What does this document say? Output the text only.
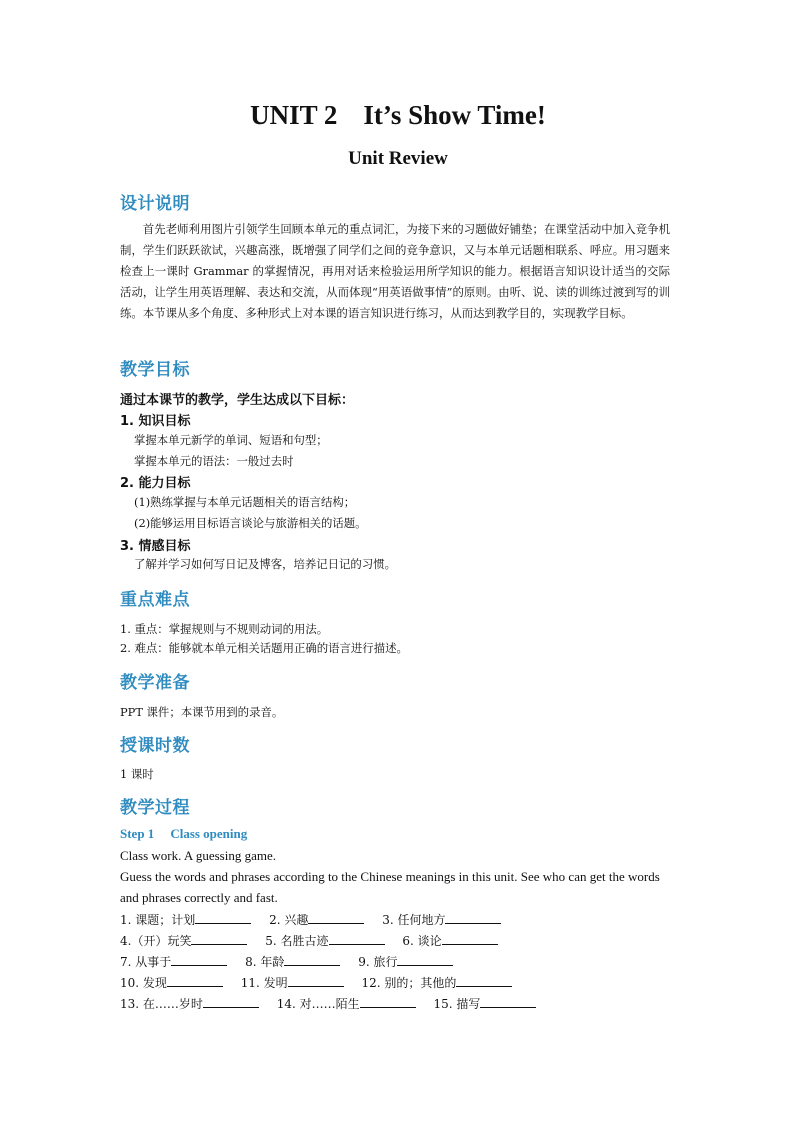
UNIT 2 It’s Show Time!
Unit Review
设计说明
首先老师利用图片引领学生回顾本单元的重点词汇，为接下来的习题做好铺垫；在课堂活动中加入竞争机制，学生们跃跃欲试，兴趣高涨，既增强了同学们之间的竞争意识，又与本单元话题相联系、呼应。用习题来检查上一课时 Grammar 的掌握情况，再用对话来检验运用所学知识的能力。根据语言知识设计适当的交际活动，让学生用英语理解、表达和交流，从而体现“用英语做事情”的原则。由听、说、读的训练过渡到写的训练。本节课从多个角度、多种形式上对本课的语言知识进行练习，从而达到教学目的，实现教学目标。
教学目标
通过本课节的教学，学生达成以下目标：
1. 知识目标
掌握本单元新学的单词、短语和句型；
掌握本单元的语法：一般过去时
2. 能力目标
(1)熟练掌握与本单元话题相关的语言结构；
(2)能够运用目标语言谈论与旅游相关的话题。
3. 情感目标
了解并学习如何写日记及博客，培养记日记的习惯。
重点难点
1. 重点：掌握规则与不规则动词的用法。
2. 难点：能够就本单元相关话题用正确的语言进行描述。
教学准备
PPT 课件；本课节用到的录音。
授课时数
1 课时
教学过程
Step 1 Class opening
Class work. A guessing game.
Guess the words and phrases according to the Chinese meanings in this unit. See who can get the words and phrases correctly and fast.
1. 课题；计划	2. 兴趣	3. 任何地方
4.（开）玩笑	5. 名胜古迹	6. 谈论
7. 从事于	8. 年龄	9. 旅行
10. 发现	11. 发明	12. 别的；其他的
13. 在……岁时	14. 对……陌生	15. 描写
